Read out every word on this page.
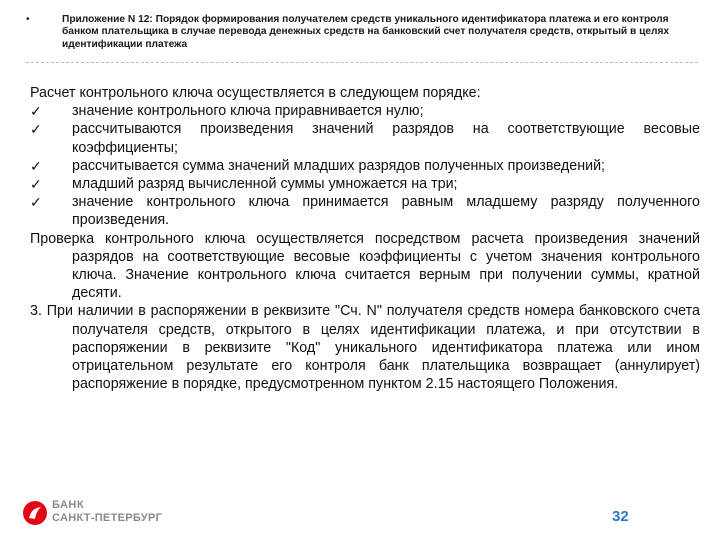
•	Приложение N 12: Порядок формирования получателем средств уникального идентификатора платежа и его контроля банком плательщика в случае перевода денежных средств на банковский счет получателя средств, открытый в целях идентификации платежа

Расчет контрольного ключа осуществляется в следующем порядке:

✓	значение контрольного ключа приравнивается нулю;
✓	рассчитываются произведения значений разрядов на соответствующие весовые коэффициенты;
✓	рассчитывается сумма значений младших разрядов полученных произведений;
✓	младший разряд вычисленной суммы умножается на три;
✓	значение контрольного ключа принимается равным младшему разряду полученного произведения.

Проверка контрольного ключа осуществляется посредством расчета произведения значений разрядов на соответствующие весовые коэффициенты с учетом значения контрольного ключа. Значение контрольного ключа считается верным при получении суммы, кратной десяти.

3. При наличии в распоряжении в реквизите "Сч. N" получателя средств номера банковского счета получателя средств, открытого в целях идентификации платежа, и при отсутствии в распоряжении в реквизите "Код" уникального идентификатора платежа или ином отрицательном результате его контроля банк плательщика возвращает (аннулирует) распоряжение в порядке, предусмотренном пунктом 2.15 настоящего Положения.

БАНК
САНКТ-ПЕТЕРБУРГ	32
